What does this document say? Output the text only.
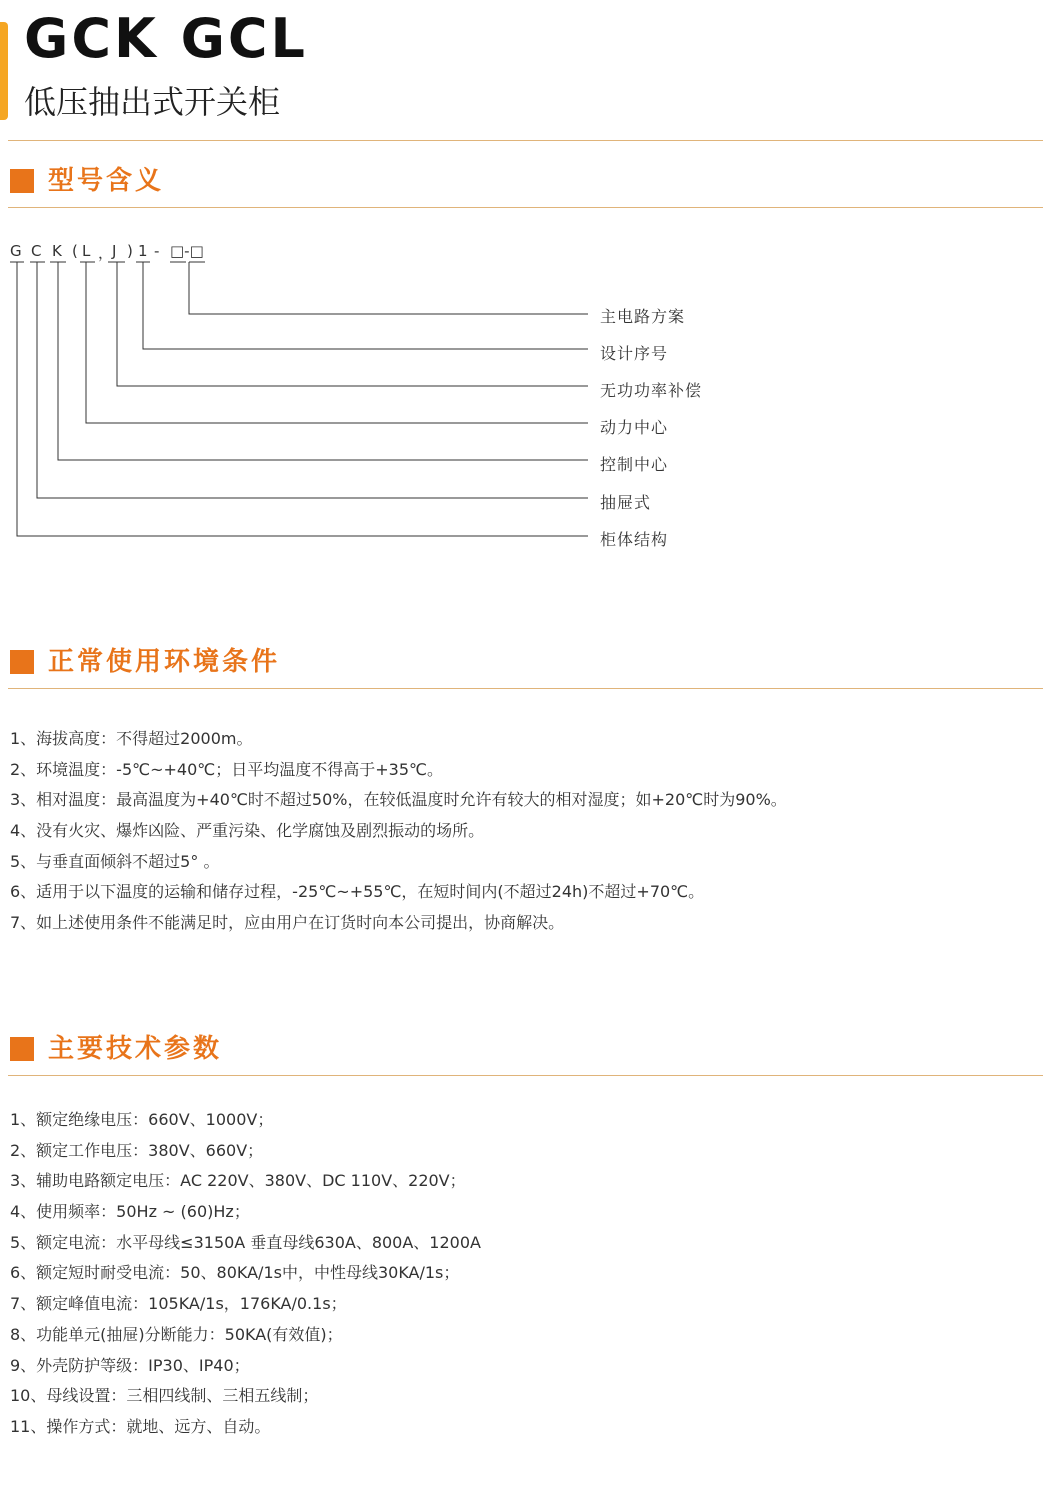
GCK GCL
低压抽出式开关柜
型号含义
G C K ( L ，
J ) 1 - □-□
主电路方案
设计序号
无功功率补偿
动力中心
控制中心
抽屉式
柜体结构
正常使用环境条件
1、海拔高度：不得超过2000m。
2、环境温度：-5℃~+40℃；日平均温度不得高于+35℃。
3、相对温度：最高温度为+40℃时不超过50%，在较低温度时允许有较大的相对湿度；如+20℃时为90%。
4、没有火灾、爆炸凶险、严重污染、化学腐蚀及剧烈振动的场所。
5、与垂直面倾斜不超过5° 。
6、适用于以下温度的运输和储存过程，-25℃~+55℃，在短时间内(不超过24h)不超过+70℃。
7、如上述使用条件不能满足时，应由用户在订货时向本公司提出，协商解决。
主要技术参数
1、额定绝缘电压：660V、1000V；
2、额定工作电压：380V、660V；
3、辅助电路额定电压：AC 220V、380V、DC 110V、220V；
4、使用频率：50Hz ~ (60)Hz；
5、额定电流：水平母线≤3150A 垂直母线630A、800A、1200A
6、额定短时耐受电流：50、80KA/1s中，中性母线30KA/1s；
7、额定峰值电流：105KA/1s，176KA/0.1s；
8、功能单元(抽屉)分断能力：50KA(有效值)；
9、外壳防护等级：IP30、IP40；
10、母线设置：三相四线制、三相五线制；
11、操作方式：就地、远方、自动。
